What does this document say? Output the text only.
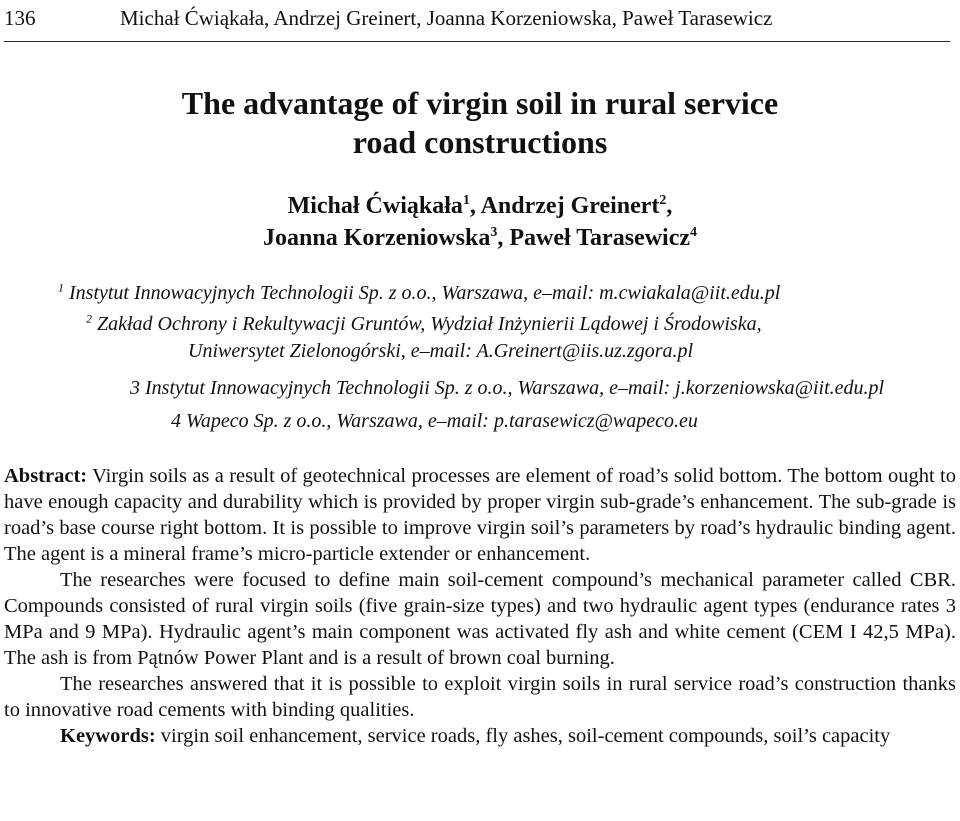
136	Michał Ćwiąkała, Andrzej Greinert, Joanna Korzeniowska, Paweł Tarasewicz
The advantage of virgin soil in rural service
road constructions
Michał Ćwiąkała$^1$, Andrzej Greinert$^2$,
Joanna Korzeniowska$^3$, Paweł Tarasewicz$^4$
$^1$ Instytut Innowacyjnych Technologii Sp. z o.o., Warszawa, e–mail: m.cwiakala@iit.edu.pl
$^2$ Zakład Ochrony i Rekultywacji Gruntów, Wydział Inżynierii Lądowej i Środowiska,
Uniwersytet Zielonogórski, e–mail: A.Greinert@iis.uz.zgora.pl
3 Instytut Innowacyjnych Technologii Sp. z o.o., Warszawa, e–mail: j.korzeniowska@iit.edu.pl
4 Wapeco Sp. z o.o., Warszawa, e–mail: p.tarasewicz@wapeco.eu

Abstract: Virgin soils as a result of geotechnical processes are element of road’s solid bottom. The bottom ought to have enough capacity and durability which is provided by proper virgin sub-grade’s enhancement. The sub-grade is road’s base course right bottom. It is possible to improve virgin soil’s parameters by road’s hydraulic binding agent. The agent is a mineral frame’s micro-particle extender or enhancement.

The researches were focused to define main soil-cement compound’s mechanical parameter called CBR. Compounds consisted of rural virgin soils (five grain-size types) and two hydraulic agent types (endurance rates 3 MPa and 9 MPa). Hydraulic agent’s main component was activated fly ash and white cement (CEM I 42,5 MPa). The ash is from Pątnów Power Plant and is a result of brown coal burning.

The researches answered that it is possible to exploit virgin soils in rural service road’s construction thanks to innovative road cements with binding qualities.

Keywords: virgin soil enhancement, service roads, fly ashes, soil-cement compounds, soil’s capacity
